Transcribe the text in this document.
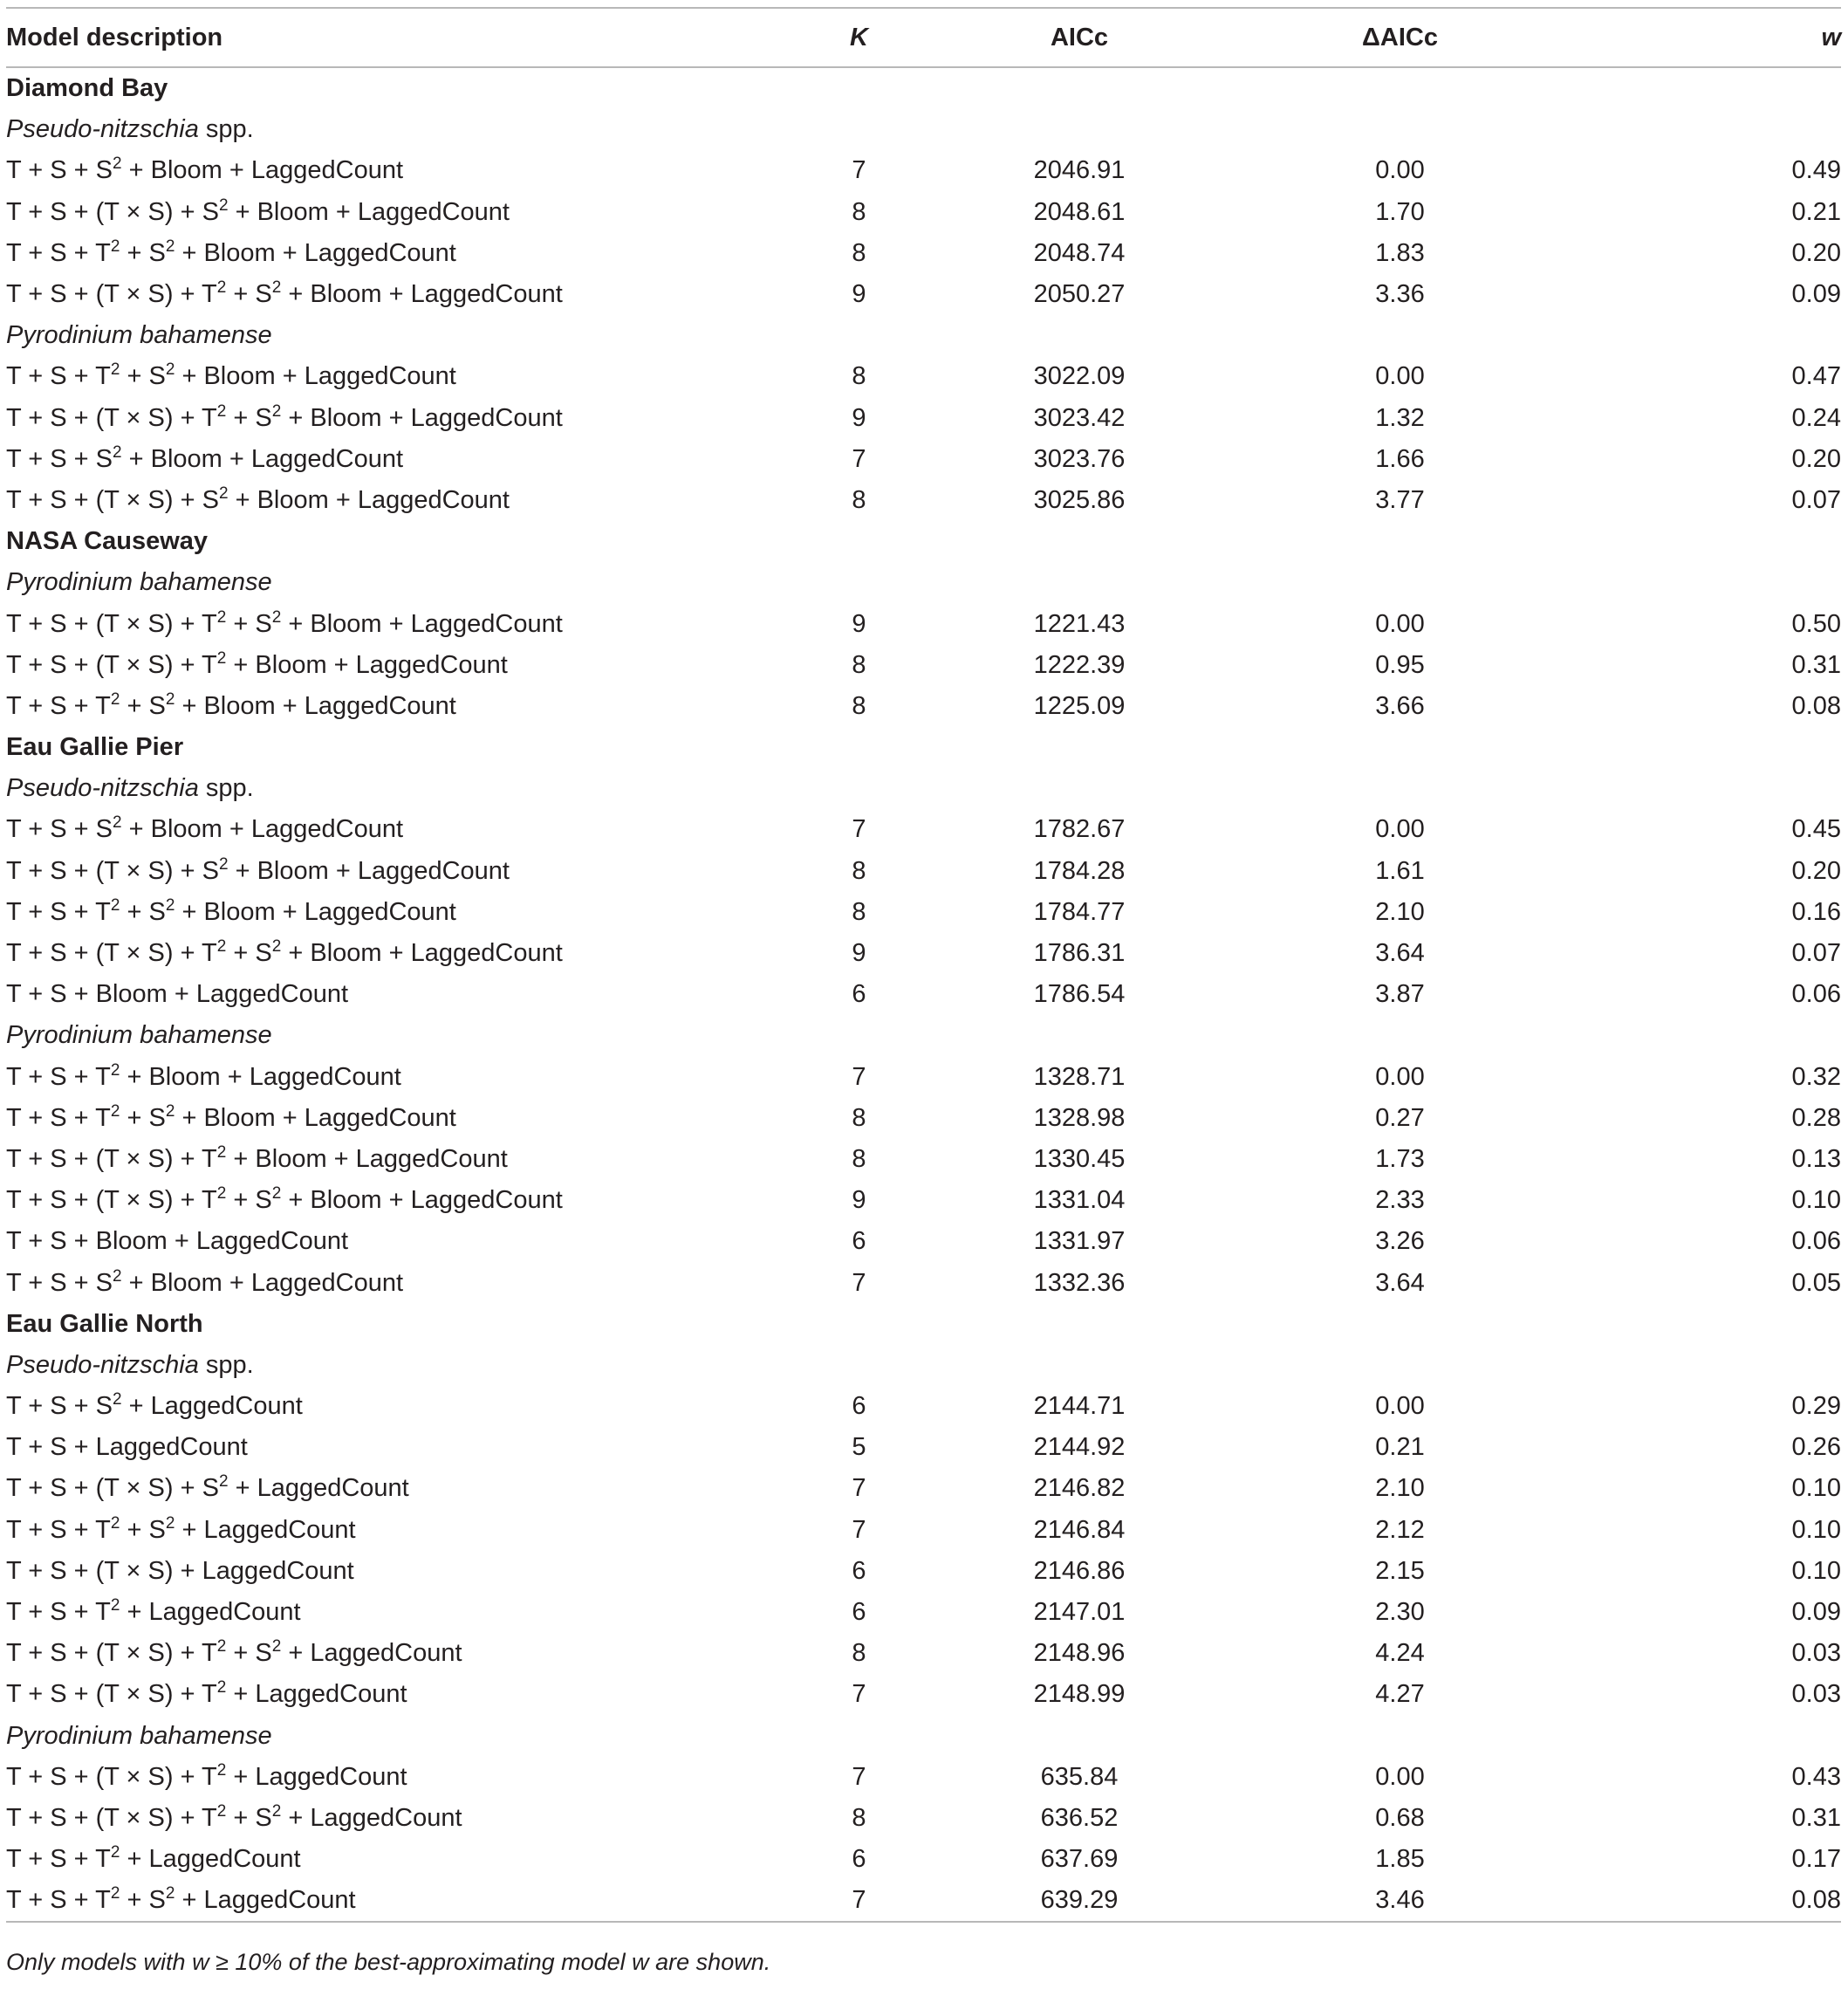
Model description	K	AICc	ΔAICc	w
Diamond Bay				
Pseudo-nitzschia spp.				
$T + S + S^2$ + Bloom + LaggedCount	7	2046.91	0.00	0.49
$T + S + (T \times S) + S^2$ + Bloom + LaggedCount	8	2048.61	1.70	0.21
$T + S + T^2 + S^2$ + Bloom + LaggedCount	8	2048.74	1.83	0.20
$T + S + (T \times S) + T^2 + S^2$ + Bloom + LaggedCount	9	2050.27	3.36	0.09
Pyrodinium bahamense				
$T + S + T^2 + S^2$ + Bloom + LaggedCount	8	3022.09	0.00	0.47
$T + S + (T \times S) + T^2 + S^2$ + Bloom + LaggedCount	9	3023.42	1.32	0.24
$T + S + S^2$ + Bloom + LaggedCount	7	3023.76	1.66	0.20
$T + S + (T \times S) + S^2$ + Bloom + LaggedCount	8	3025.86	3.77	0.07
NASA Causeway				
Pyrodinium bahamense				
$T + S + (T \times S) + T^2 + S^2$ + Bloom + LaggedCount	9	1221.43	0.00	0.50
$T + S + (T \times S) + T^2$ + Bloom + LaggedCount	8	1222.39	0.95	0.31
$T + S + T^2 + S^2$ + Bloom + LaggedCount	8	1225.09	3.66	0.08
Eau Gallie Pier				
Pseudo-nitzschia spp.				
$T + S + S^2$ + Bloom + LaggedCount	7	1782.67	0.00	0.45
$T + S + (T \times S) + S^2$ + Bloom + LaggedCount	8	1784.28	1.61	0.20
$T + S + T^2 + S^2$ + Bloom + LaggedCount	8	1784.77	2.10	0.16
$T + S + (T \times S) + T^2 + S^2$ + Bloom + LaggedCount	9	1786.31	3.64	0.07
T + S + Bloom + LaggedCount	6	1786.54	3.87	0.06
Pyrodinium bahamense				
$T + S + T^2$ + Bloom + LaggedCount	7	1328.71	0.00	0.32
$T + S + T^2 + S^2$ + Bloom + LaggedCount	8	1328.98	0.27	0.28
$T + S + (T \times S) + T^2$ + Bloom + LaggedCount	8	1330.45	1.73	0.13
$T + S + (T \times S) + T^2 + S^2$ + Bloom + LaggedCount	9	1331.04	2.33	0.10
T + S + Bloom + LaggedCount	6	1331.97	3.26	0.06
$T + S + S^2$ + Bloom + LaggedCount	7	1332.36	3.64	0.05
Eau Gallie North				
Pseudo-nitzschia spp.				
$T + S + S^2$ + LaggedCount	6	2144.71	0.00	0.29
T + S + LaggedCount	5	2144.92	0.21	0.26
$T + S + (T \times S) + S^2$ + LaggedCount	7	2146.82	2.10	0.10
$T + S + T^2 + S^2$ + LaggedCount	7	2146.84	2.12	0.10
T + S + (T × S) + LaggedCount	6	2146.86	2.15	0.10
$T + S + T^2$ + LaggedCount	6	2147.01	2.30	0.09
$T + S + (T \times S) + T^2 + S^2$ + LaggedCount	8	2148.96	4.24	0.03
$T + S + (T \times S) + T^2$ + LaggedCount	7	2148.99	4.27	0.03
Pyrodinium bahamense				
$T + S + (T \times S) + T^2$ + LaggedCount	7	635.84	0.00	0.43
$T + S + (T \times S) + T^2 + S^2$ + LaggedCount	8	636.52	0.68	0.31
$T + S + T^2$ + LaggedCount	6	637.69	1.85	0.17
$T + S + T^2 + S^2$ + LaggedCount	7	639.29	3.46	0.08
Only models with w ≥ 10% of the best-approximating model w are shown.
